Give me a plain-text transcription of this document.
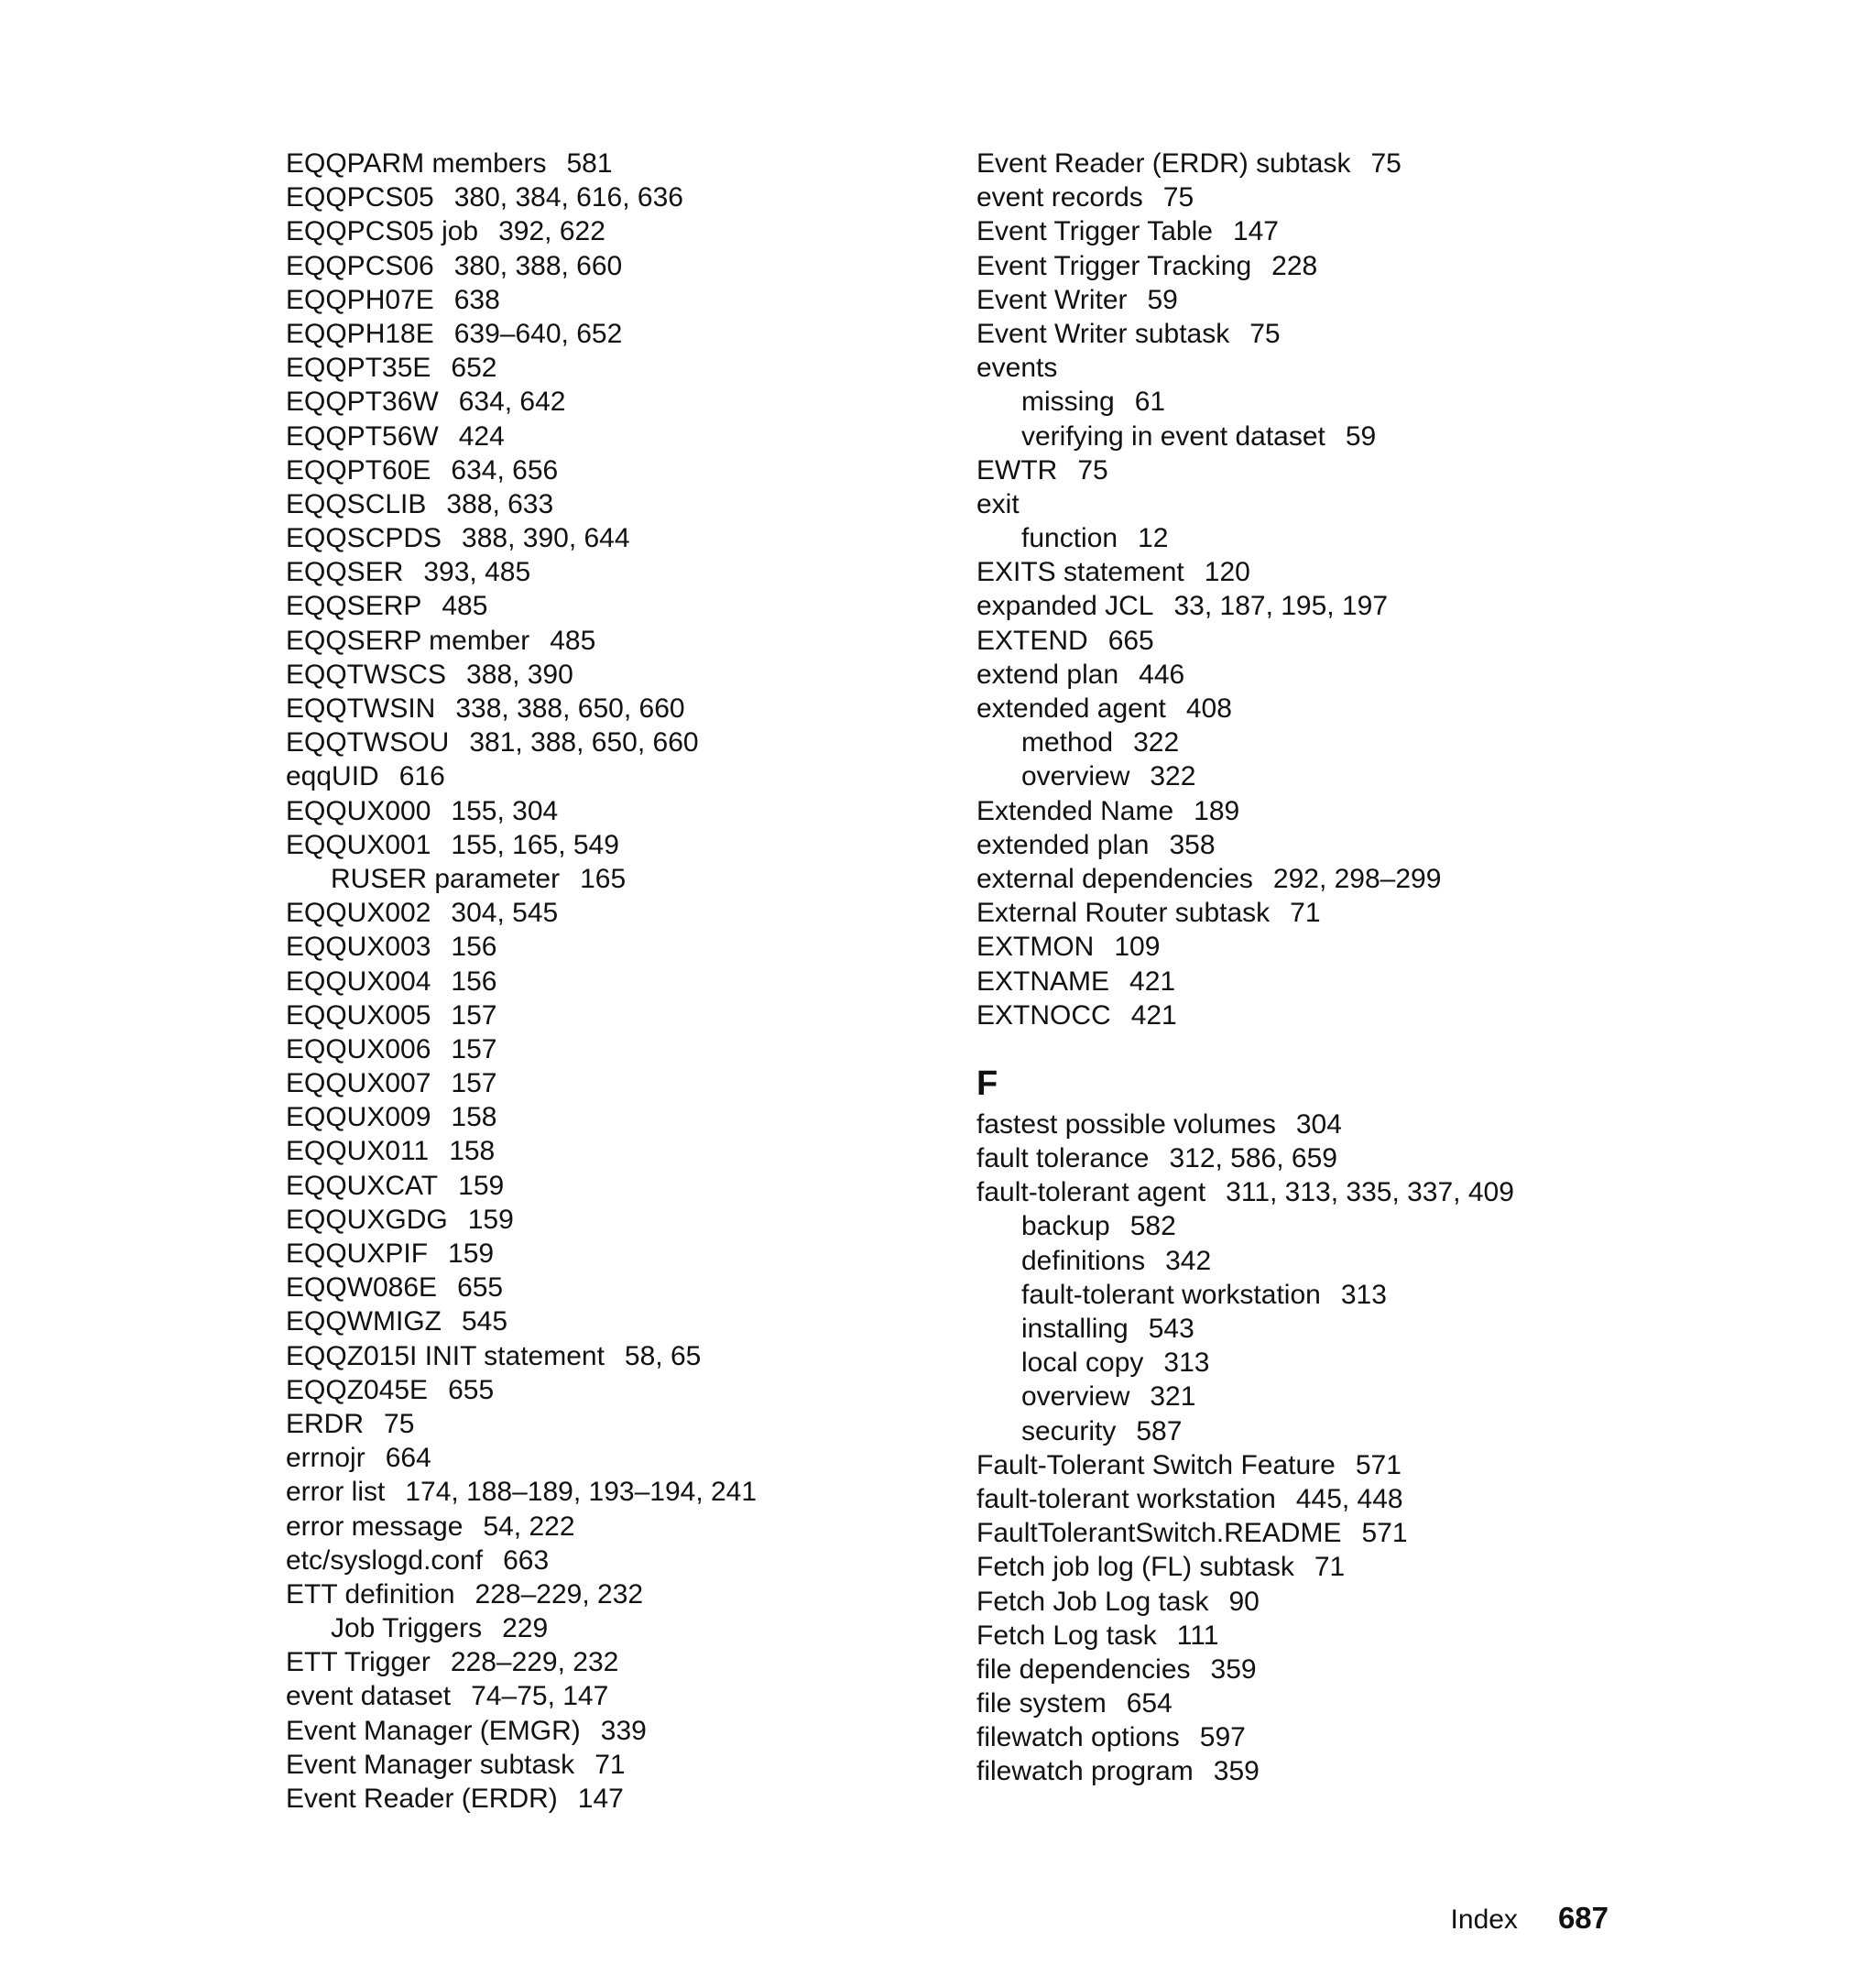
EQQPARM members 581
EQQPCS05 380, 384, 616, 636
EQQPCS05 job 392, 622
EQQPCS06 380, 388, 660
EQQPH07E 638
EQQPH18E 639–640, 652
EQQPT35E 652
EQQPT36W 634, 642
EQQPT56W 424
EQQPT60E 634, 656
EQQSCLIB 388, 633
EQQSCPDS 388, 390, 644
EQQSER 393, 485
EQQSERP 485
EQQSERP member 485
EQQTWSCS 388, 390
EQQTWSIN 338, 388, 650, 660
EQQTWSOU 381, 388, 650, 660
eqqUID 616
EQQUX000 155, 304
EQQUX001 155, 165, 549
RUSER parameter 165
EQQUX002 304, 545
EQQUX003 156
EQQUX004 156
EQQUX005 157
EQQUX006 157
EQQUX007 157
EQQUX009 158
EQQUX011 158
EQQUXCAT 159
EQQUXGDG 159
EQQUXPIF 159
EQQW086E 655
EQQWMIGZ 545
EQQZ015I INIT statement 58, 65
EQQZ045E 655
ERDR 75
errnojr 664
error list 174, 188–189, 193–194, 241
error message 54, 222
etc/syslogd.conf 663
ETT definition 228–229, 232
Job Triggers 229
ETT Trigger 228–229, 232
event dataset 74–75, 147
Event Manager (EMGR) 339
Event Manager subtask 71
Event Reader (ERDR) 147
Event Reader (ERDR) subtask 75
event records 75
Event Trigger Table 147
Event Trigger Tracking 228
Event Writer 59
Event Writer subtask 75
events
missing 61
verifying in event dataset 59
EWTR 75
exit
function 12
EXITS statement 120
expanded JCL 33, 187, 195, 197
EXTEND 665
extend plan 446
extended agent 408
method 322
overview 322
Extended Name 189
extended plan 358
external dependencies 292, 298–299
External Router subtask 71
EXTMON 109
EXTNAME 421
EXTNOCC 421
F
fastest possible volumes 304
fault tolerance 312, 586, 659
fault-tolerant agent 311, 313, 335, 337, 409
backup 582
definitions 342
fault-tolerant workstation 313
installing 543
local copy 313
overview 321
security 587
Fault-Tolerant Switch Feature 571
fault-tolerant workstation 445, 448
FaultTolerantSwitch.README 571
Fetch job log (FL) subtask 71
Fetch Job Log task 90
Fetch Log task 111
file dependencies 359
file system 654
filewatch options 597
filewatch program 359
Index 687
